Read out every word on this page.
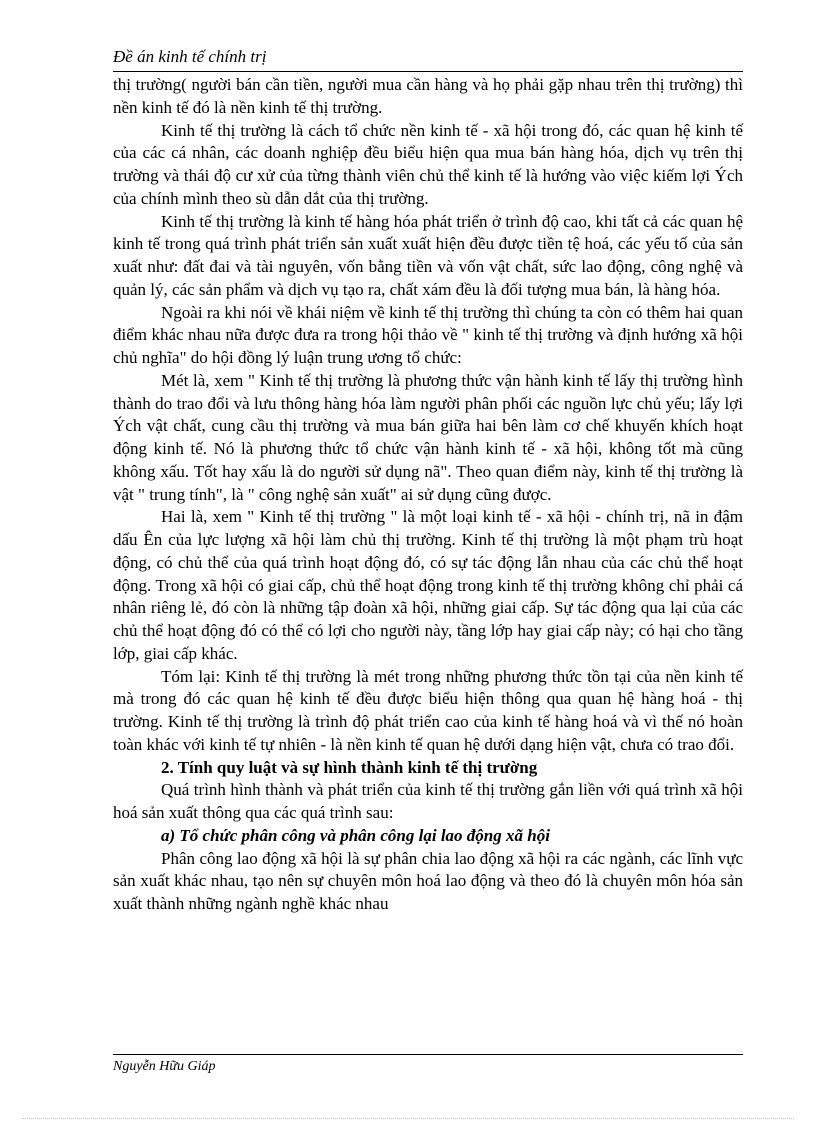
Đề án kinh tế chính trị

thị trường( người bán cần tiền, người mua cần hàng và họ phải gặp nhau trên thị trường) thì nền kinh tế đó là nền kinh tế thị trường.

Kinh tế thị trường là cách tổ chức nền kinh tế - xã hội trong đó, các quan hệ kinh tế của các cá nhân, các doanh nghiệp đều biểu hiện qua mua bán hàng hóa, dịch vụ trên thị trường và thái độ cư xử của từng thành viên chủ thể kinh tế là hướng vào việc kiếm lợi Ých của chính mình theo sù dẫn dắt của thị trường.

Kinh tế thị trường là kinh tế hàng hóa phát triển ở trình độ cao, khi tất cả các quan hệ kinh tế trong quá trình phát triển sản xuất xuất hiện đều được tiền tệ hoá, các yếu tố của sản xuất như: đất đai và tài nguyên, vốn bằng tiền và vốn vật chất, sức lao động, công nghệ và quản lý, các sản phẩm và dịch vụ tạo ra, chất xám đều là đối tượng mua bán, là hàng hóa.

Ngoài ra khi nói về khái niệm về kinh tế thị trường thì chúng ta còn có thêm hai quan điểm khác nhau nữa được đưa ra trong hội thảo về " kinh tế thị trường và định hướng xã hội chủ nghĩa" do hội đồng lý luận trung ương tổ chức:

Mét là, xem " Kinh tế thị trường là phương thức vận hành kinh tế lấy thị trường hình thành do trao đổi và lưu thông hàng hóa làm người phân phối các nguồn lực chủ yếu; lấy lợi Ých vật chất, cung cầu thị trường và mua bán giữa hai bên làm cơ chế khuyến khích hoạt động kinh tế. Nó là phương thức tổ chức vận hành kinh tế - xã hội, không tốt mà cũng không xấu. Tốt hay xấu là do người sử dụng nã". Theo quan điểm này, kinh tế thị trường là vật " trung tính", là " công nghệ sản xuất" ai sử dụng cũng được.

Hai là, xem " Kinh tế thị trường " là một loại kinh tế - xã hội - chính trị, nã in đậm dấu Ên của lực lượng xã hội làm chủ thị trường. Kinh tế thị trường là một phạm trù hoạt động, có chủ thể của quá trình hoạt động đó, có sự tác động lẫn nhau của các chủ thể hoạt động. Trong xã hội có giai cấp, chủ thể hoạt động trong kinh tế thị trường không chỉ phải cá nhân riêng lẻ, đó còn là những tập đoàn xã hội, những giai cấp. Sự tác động qua lại của các chủ thể hoạt động đó có thể có lợi cho người này, tầng lớp hay giai cấp này; có hại cho tầng lớp, giai cấp khác.

Tóm lại: Kinh tế thị trường là mét trong những phương thức tồn tại của nền kinh tế mà trong đó các quan hệ kinh tế đều được biểu hiện thông qua quan hệ hàng hoá - thị trường. Kinh tế thị trường là trình độ phát triển cao của kinh tế hàng hoá và vì thế nó hoàn toàn khác với kinh tế tự nhiên - là nền kinh tế quan hệ dưới dạng hiện vật, chưa có trao đổi.

2. Tính quy luật và sự hình thành kinh tế thị trường

Quá trình hình thành và phát triển của kinh tế thị trường gắn liền với quá trình xã hội hoá sản xuất thông qua các quá trình sau:

a) Tổ chức phân công và phân công lại lao động xã hội

Phân công lao động xã hội là sự phân chia lao động xã hội ra các ngành, các lĩnh vực sản xuất khác nhau, tạo nên sự chuyên môn hoá lao động và theo đó là chuyên môn hóa sản xuất thành những ngành nghề khác nhau

Nguyễn Hữu Giáp
